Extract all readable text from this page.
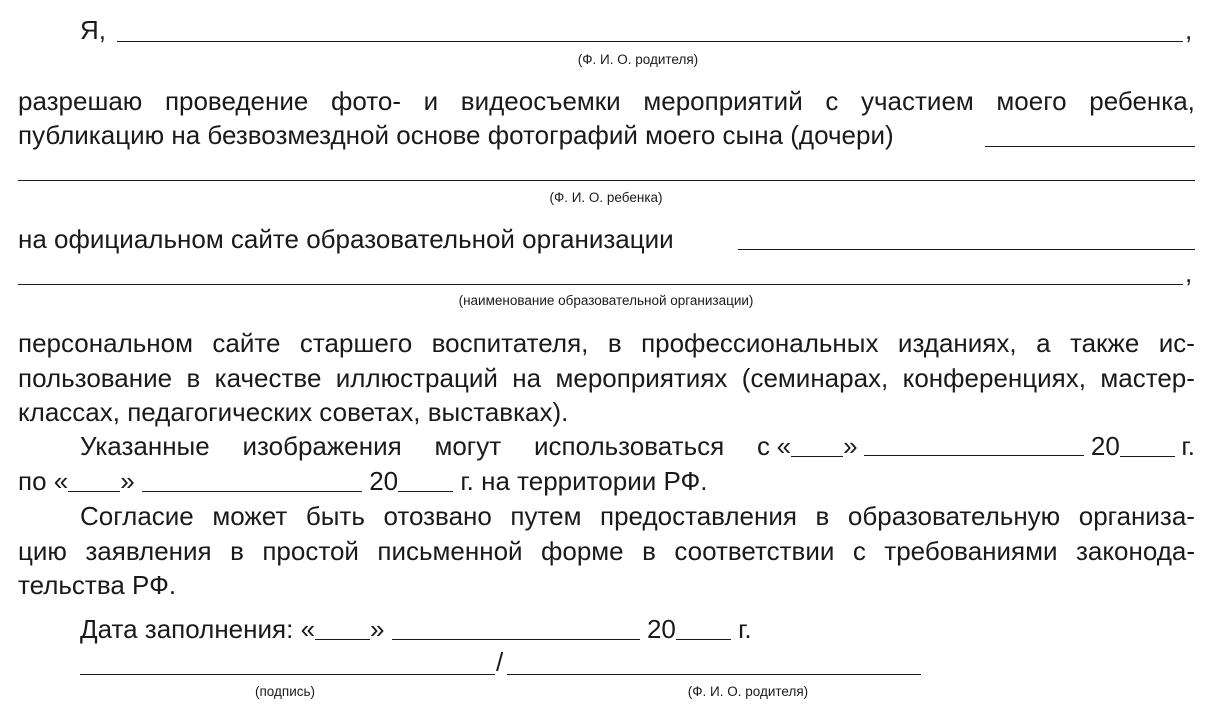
Я,	,
(Ф. И. О. родителя)
разрешаю проведение фото- и видеосъемки мероприятий с участием моего ребенка,
публикацию на безвозмездной основе фотографий моего сына (дочери)
(Ф. И. О. ребенка)
на официальном сайте образовательной организации
,
(наименование образовательной организации)
персональном сайте старшего воспитателя, в профессиональных изданиях, а также ис-
пользование в качестве иллюстраций на мероприятиях (семинарах, конференциях, мастер-
классах, педагогических советах, выставках).
Указанные изображения могут использоваться с « »	20	г.
по « »	20 г. на территории РФ.
Согласие может быть отозвано путем предоставления в образовательную организа-
цию заявления в простой письменной форме в соответствии с требованиями законода-
тельства РФ.
Дата заполнения: « »	20 г.
/
(подпись)	(Ф. И. О. родителя)
